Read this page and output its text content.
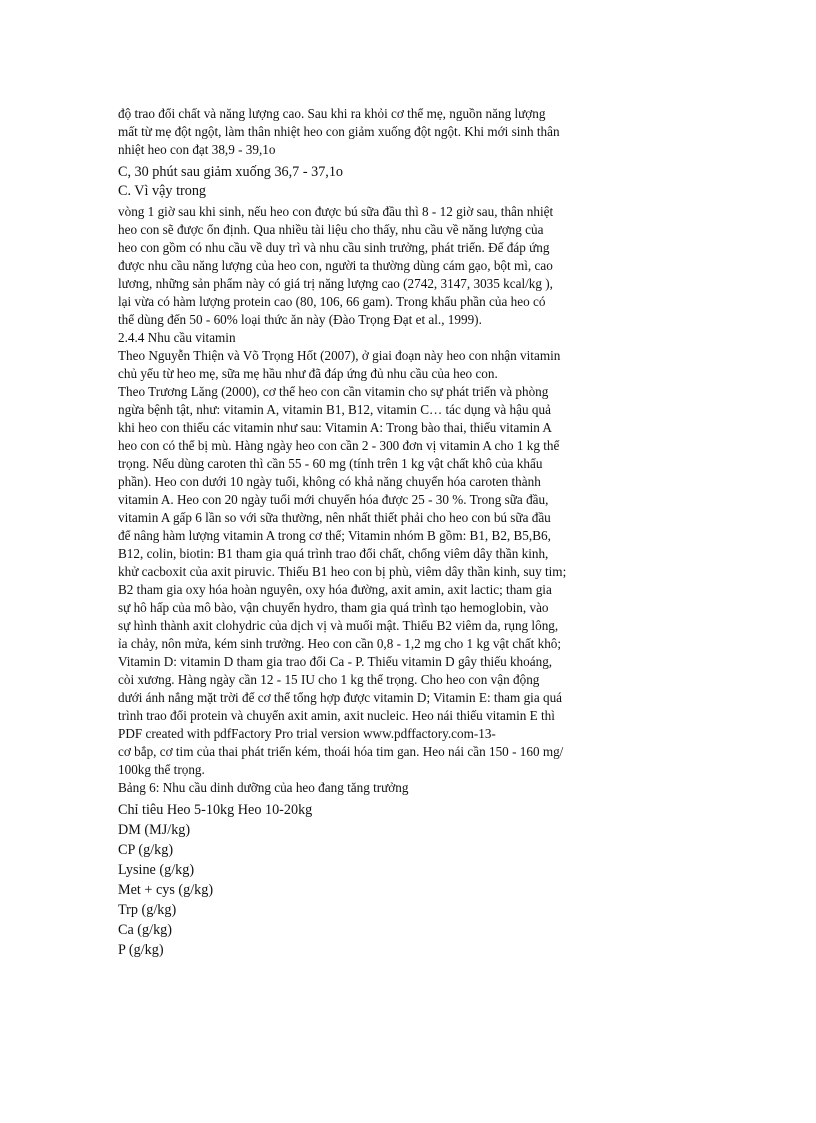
độ trao đổi chất và năng lượng cao. Sau khi ra khỏi cơ thể mẹ, nguồn năng lượng
mất từ mẹ đột ngột, làm thân nhiệt heo con giảm xuống đột ngột. Khi mới sinh thân
nhiệt heo con đạt 38,9 - 39,1o
C, 30 phút sau giảm xuống 36,7 - 37,1o
C. Vì vậy trong
vòng 1 giờ sau khi sinh, nếu heo con được bú sữa đầu thì 8 - 12 giờ sau, thân nhiệt
heo con sẽ được ổn định. Qua nhiều tài liệu cho thấy, nhu cầu về năng lượng của
heo con gồm có nhu cầu về duy trì và nhu cầu sinh trưởng, phát triển. Để đáp ứng
được nhu cầu năng lượng của heo con, người ta thường dùng cám gạo, bột mì, cao
lương, những sản phẩm này có giá trị năng lượng cao (2742, 3147, 3035 kcal/kg ),
lại vừa có hàm lượng protein cao (80, 106, 66 gam). Trong khẩu phần của heo có
thể dùng đến 50 - 60% loại thức ăn này (Đào Trọng Đạt et al., 1999).
2.4.4 Nhu cầu vitamin
Theo Nguyễn Thiện và Võ Trọng Hốt (2007), ở giai đoạn này heo con nhận vitamin
chủ yếu từ heo mẹ, sữa mẹ hầu như đã đáp ứng đủ nhu cầu của heo con.
Theo Trương Lăng (2000), cơ thể heo con cần vitamin cho sự phát triển và phòng
ngừa bệnh tật, như: vitamin A, vitamin B1, B12, vitamin C… tác dụng và hậu quả
khi heo con thiếu các vitamin như sau: Vitamin A: Trong bào thai, thiếu vitamin A
heo con có thể bị mù. Hàng ngày heo con cần 2 - 300 đơn vị vitamin A cho 1 kg thể
trọng. Nếu dùng caroten thì cần 55 - 60 mg (tính trên 1 kg vật chất khô của khẩu
phần). Heo con dưới 10 ngày tuổi, không có khả năng chuyển hóa caroten thành
vitamin A. Heo con 20 ngày tuổi mới chuyển hóa được 25 - 30 %. Trong sữa đầu,
vitamin A gấp 6 lần so với sữa thường, nên nhất thiết phải cho heo con bú sữa đầu
để nâng hàm lượng vitamin A trong cơ thể; Vitamin nhóm B gồm: B1, B2, B5,B6,
B12, colin, biotin: B1 tham gia quá trình trao đổi chất, chống viêm dây thần kinh,
khử cacboxit của axit piruvic. Thiếu B1 heo con bị phù, viêm dây thần kinh, suy tim;
B2 tham gia oxy hóa hoàn nguyên, oxy hóa đường, axit amin, axit lactic; tham gia
sự hô hấp của mô bào, vận chuyển hydro, tham gia quá trình tạo hemoglobin, vào
sự hình thành axit clohydric của dịch vị và muối mật. Thiếu B2 viêm da, rụng lông,
ỉa chảy, nôn mửa, kém sinh trưởng. Heo con cần 0,8 - 1,2 mg cho 1 kg vật chất khô;
Vitamin D: vitamin D tham gia trao đổi Ca - P. Thiếu vitamin D gây thiếu khoáng,
còi xương. Hàng ngày cần 12 - 15 IU cho 1 kg thể trọng. Cho heo con vận động
dưới ánh nắng mặt trời để cơ thể tổng hợp được vitamin D; Vitamin E: tham gia quá
trình trao đổi protein và chuyển axit amin, axit nucleic. Heo nái thiếu vitamin E thì
PDF created with pdfFactory Pro trial version www.pdffactory.com-13-
cơ bắp, cơ tim của thai phát triển kém, thoái hóa tim gan. Heo nái cần 150 - 160 mg/
100kg thể trọng.
Bảng 6: Nhu cầu dinh dưỡng của heo đang tăng trưởng
Chỉ tiêu Heo 5-10kg Heo 10-20kg
DM (MJ/kg)
CP (g/kg)
Lysine (g/kg)
Met + cys (g/kg)
Trp (g/kg)
Ca (g/kg)
P (g/kg)
